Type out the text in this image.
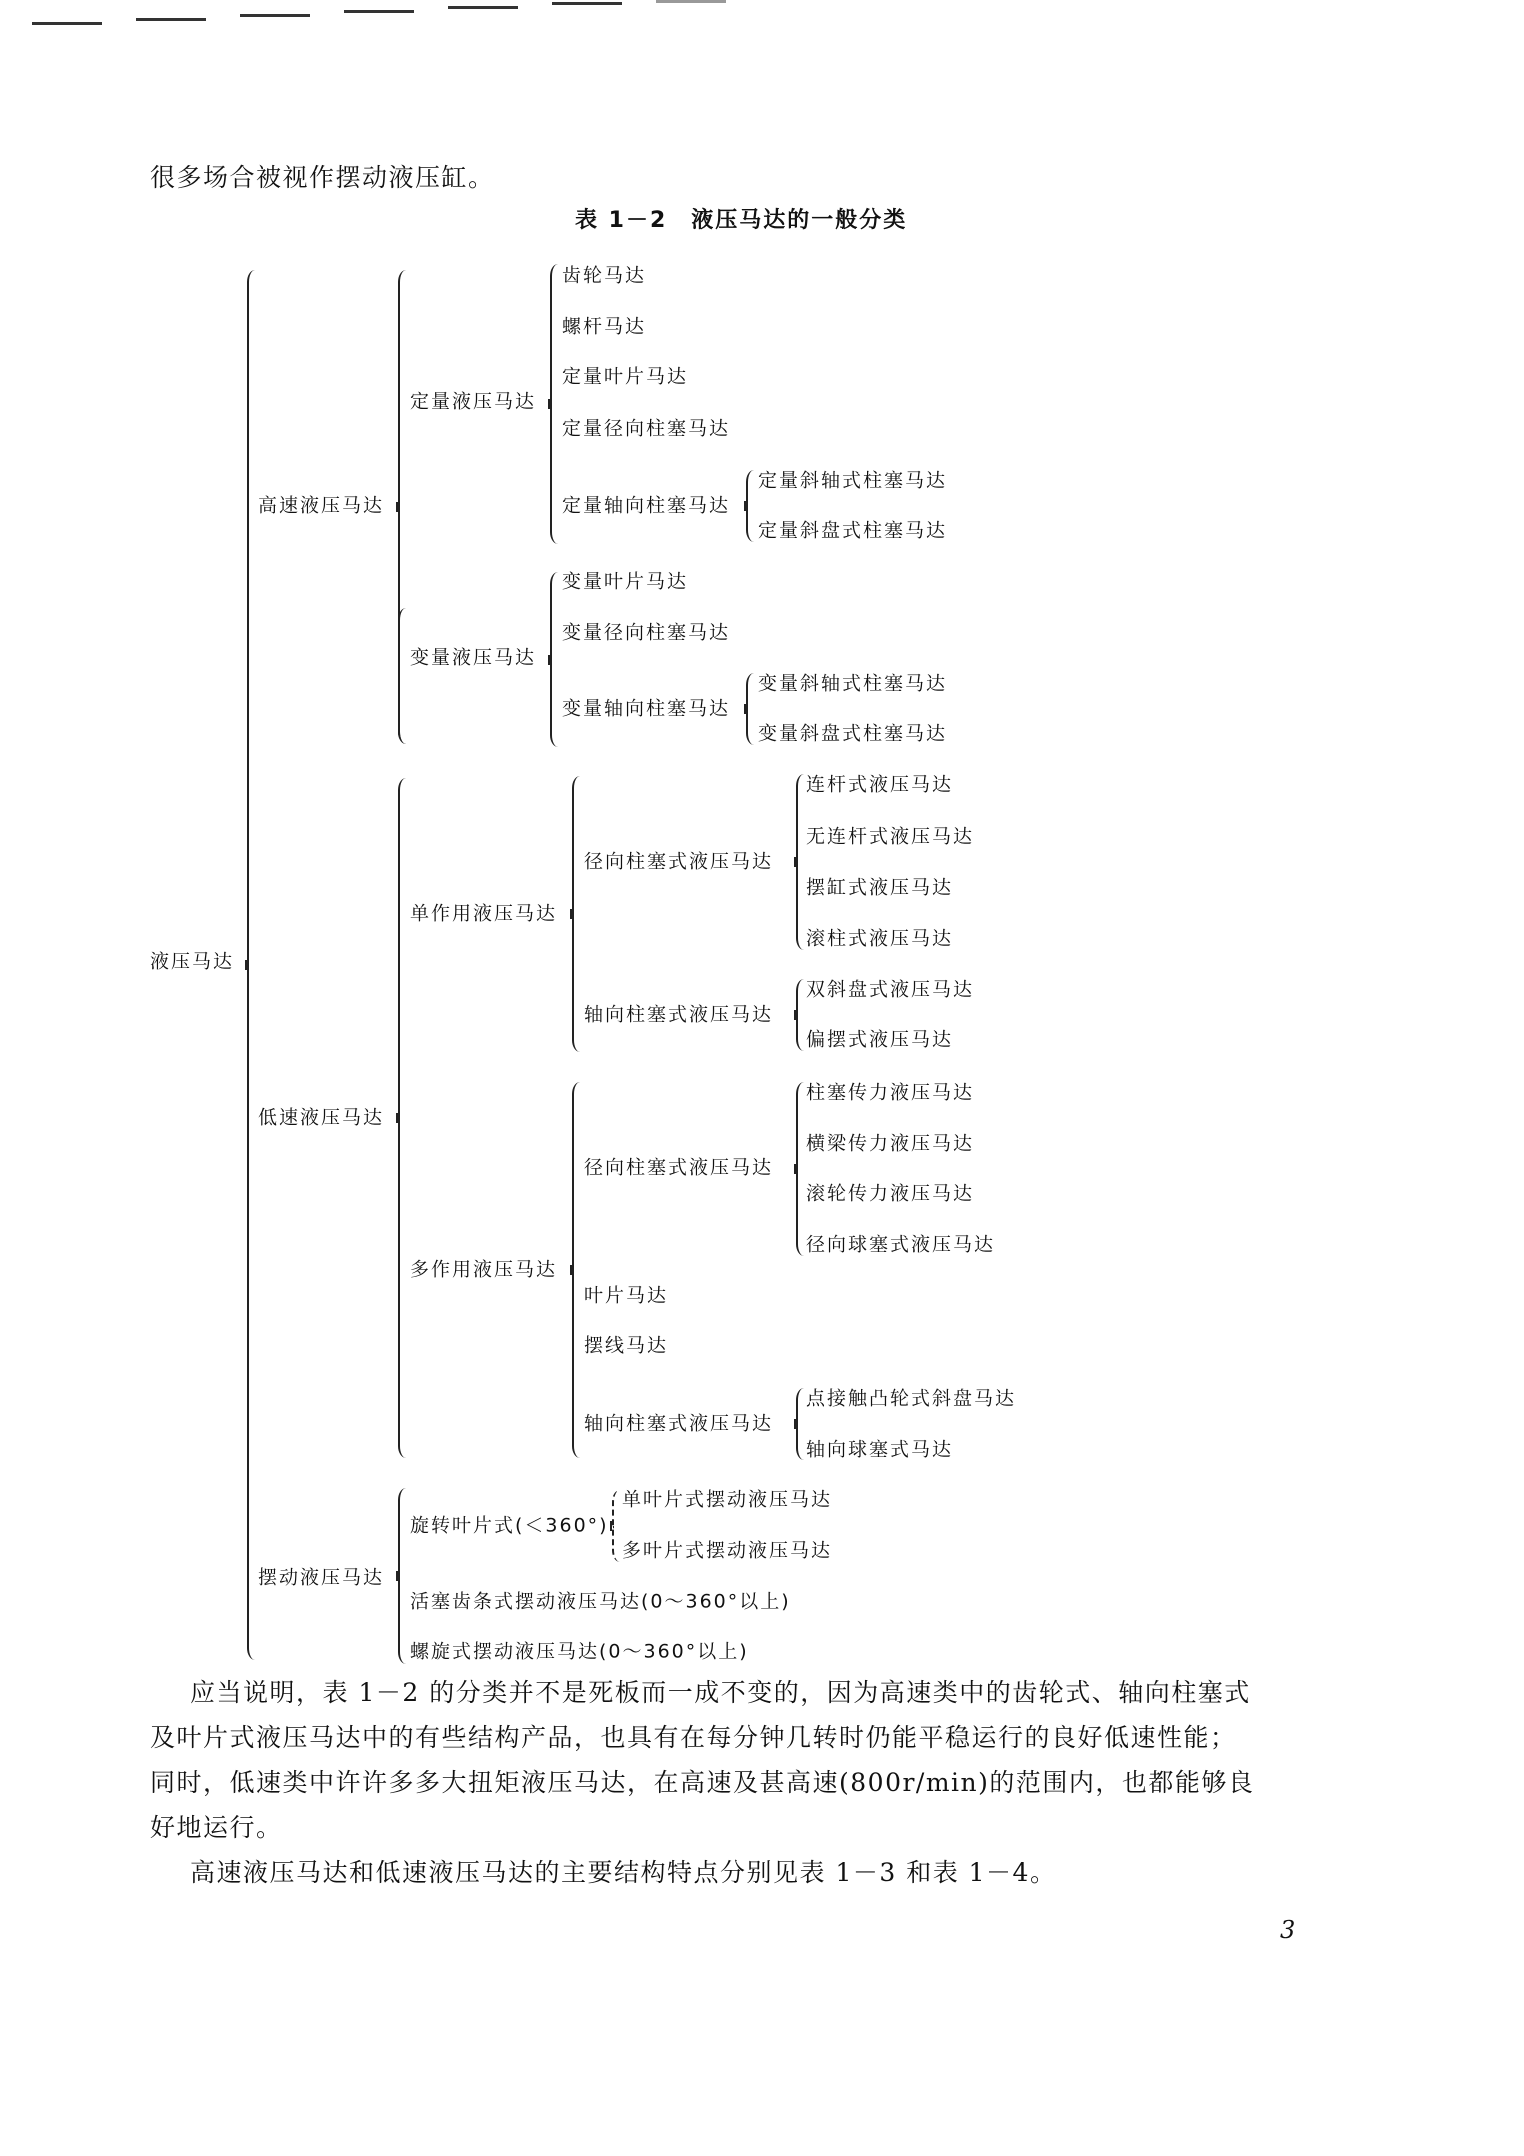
很多场合被视作摆动液压缸。
表 1－2　液压马达的一般分类
液压马达
高速液压马达
定量液压马达
齿轮马达
螺杆马达
定量叶片马达
定量径向柱塞马达
定量轴向柱塞马达
定量斜轴式柱塞马达
定量斜盘式柱塞马达
变量液压马达
变量叶片马达
变量径向柱塞马达
变量轴向柱塞马达
变量斜轴式柱塞马达
变量斜盘式柱塞马达
低速液压马达
单作用液压马达
径向柱塞式液压马达
连杆式液压马达
无连杆式液压马达
摆缸式液压马达
滚柱式液压马达
轴向柱塞式液压马达
双斜盘式液压马达
偏摆式液压马达
多作用液压马达
径向柱塞式液压马达
柱塞传力液压马达
横梁传力液压马达
滚轮传力液压马达
径向球塞式液压马达
叶片马达
摆线马达
轴向柱塞式液压马达
点接触凸轮式斜盘马达
轴向球塞式马达
摆动液压马达
旋转叶片式(＜360°)
单叶片式摆动液压马达
多叶片式摆动液压马达
活塞齿条式摆动液压马达(0～360°以上)
螺旋式摆动液压马达(0～360°以上)
应当说明，表 1－2 的分类并不是死板而一成不变的，因为高速类中的齿轮式、轴向柱塞式
及叶片式液压马达中的有些结构产品，也具有在每分钟几转时仍能平稳运行的良好低速性能；
同时，低速类中许许多多大扭矩液压马达，在高速及甚高速(800r/min)的范围内，也都能够良
好地运行。
高速液压马达和低速液压马达的主要结构特点分别见表 1－3 和表 1－4。
3
